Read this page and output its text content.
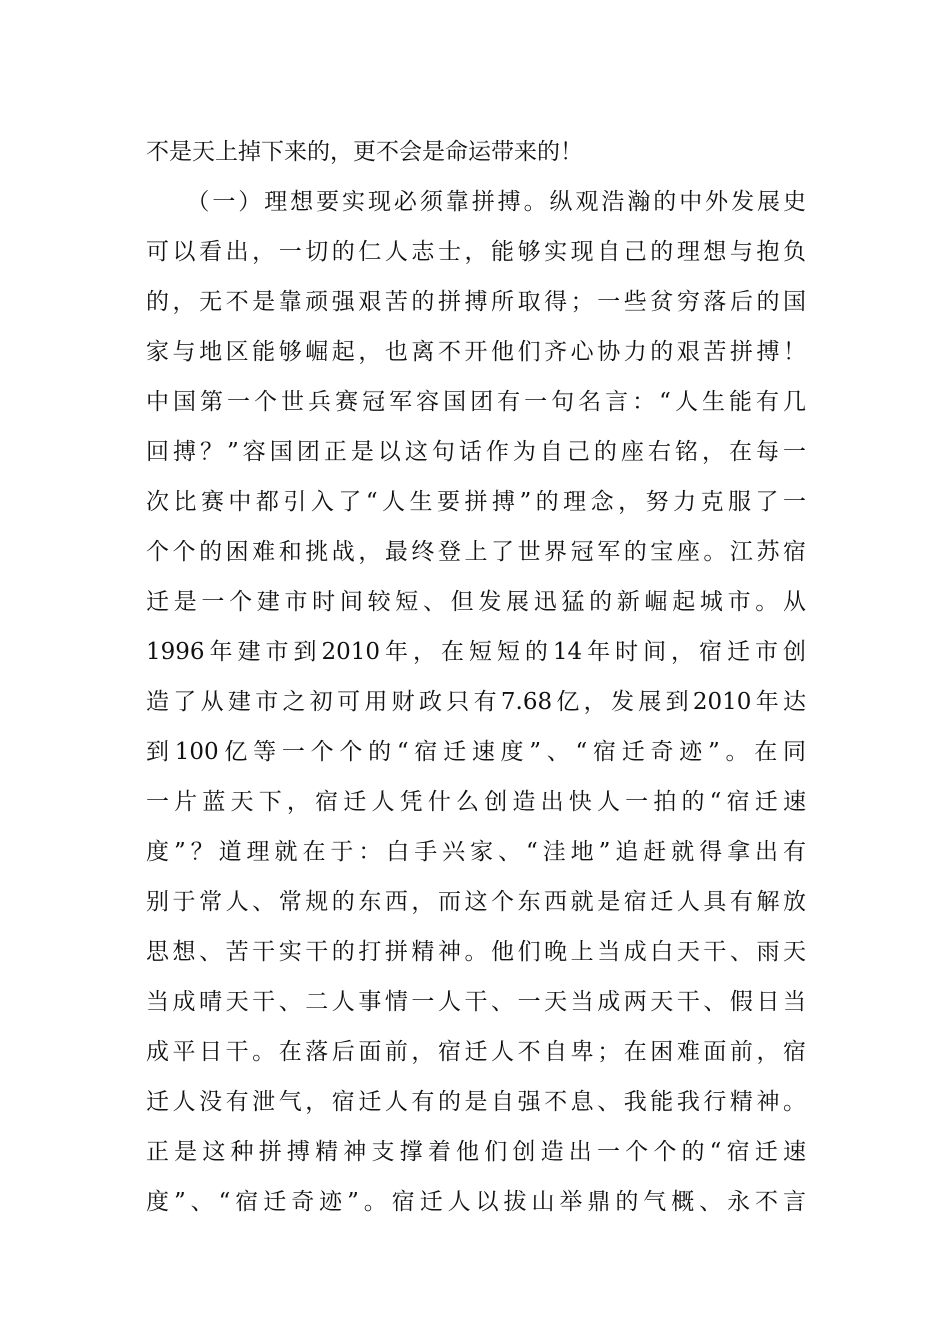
不是天上掉下来的，更不会是命运带来的！
　　（一）理想要实现必须靠拼搏。纵观浩瀚的中外发展史
可以看出，一切的仁人志士，能够实现自己的理想与抱负
的，无不是靠顽强艰苦的拼搏所取得；一些贫穷落后的国
家与地区能够崛起，也离不开他们齐心协力的艰苦拼搏！
中国第一个世兵赛冠军容国团有一句名言：“人生能有几
回搏？”容国团正是以这句话作为自己的座右铭，在每一
次比赛中都引入了“人生要拼搏”的理念，努力克服了一
个个的困难和挑战，最终登上了世界冠军的宝座。江苏宿
迁是一个建市时间较短、但发展迅猛的新崛起城市。从
1996年建市到2010年，在短短的14年时间，宿迁市创
造了从建市之初可用财政只有7.68亿，发展到2010年达
到100亿等一个个的“宿迁速度”、“宿迁奇迹”。在同
一片蓝天下，宿迁人凭什么创造出快人一拍的“宿迁速
度”？道理就在于：白手兴家、“洼地”追赶就得拿出有
别于常人、常规的东西，而这个东西就是宿迁人具有解放
思想、苦干实干的打拼精神。他们晚上当成白天干、雨天
当成晴天干、二人事情一人干、一天当成两天干、假日当
成平日干。在落后面前，宿迁人不自卑；在困难面前，宿
迁人没有泄气，宿迁人有的是自强不息、我能我行精神。
正是这种拼搏精神支撑着他们创造出一个个的“宿迁速
度”、“宿迁奇迹”。宿迁人以拔山举鼎的气概、永不言
